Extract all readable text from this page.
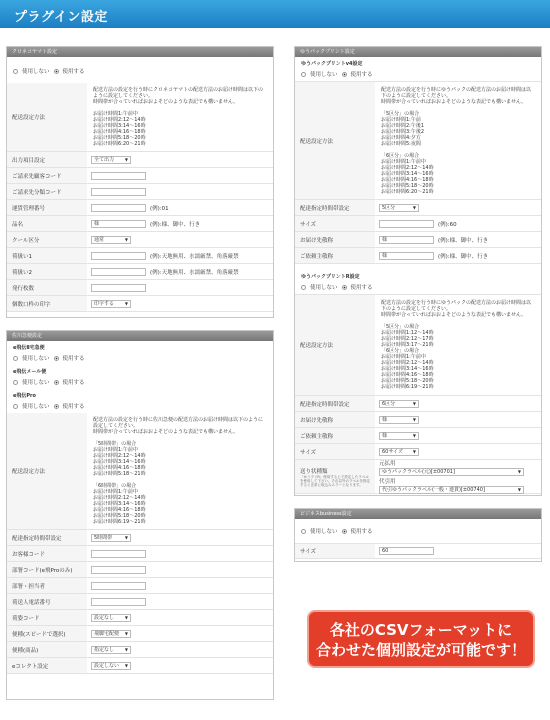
プラグイン設定
クロネコヤマト設定
使用しない 使用する
配送設定方法
配送方法の設定を行う時にクロネコヤマトの配送方法のお届け時間は以下のように設定してください。
時間帯が合っていればおおよそどのような表記でも構いません。

お届け時間1:午前中
お届け時間2:12〜14時
お届け時間3:14〜16時
お届け時間4:16〜18時
お届け時間5:18〜20時
お届け時間6:20〜21時
出力項目設定	全て出力 ▼
ご請求先顧客コード
ご請求先分類コード
運賃管理番号	(例):01
品名	様	(例):様、御中、行き
クール区分	通常 ▼
荷扱い1	(例):天地無用、水濡厳禁、角落厳禁
荷扱い2	(例):天地無用、水濡厳禁、角落厳禁
発行枚数
個数口枠の印字	印字する ▼
佐川急便設定
e飛伝Ⅱ宅急便
使用しない 使用する
e飛伝メール便
使用しない 使用する
e飛伝Pro
使用しない 使用する
配送設定方法
配送方法の設定を行う時に佐川急便の配送方法のお届け時間は以下のように設定してください。
時間帯が合っていればおおよそどのような表記でも構いません。

「5時間帯」の場合
お届け時間1:午前中
お届け時間2:12〜14時
お届け時間3:14〜16時
お届け時間4:16〜18時
お届け時間5:18〜21時

「6時間帯」の場合
お届け時間1:午前中
お届け時間2:12〜14時
お届け時間3:14〜16時
お届け時間4:16〜18時
お届け時間5:18〜20時
お届け時間6:19〜21時
配達指定時間帯設定	5時間帯 ▼
お客様コード
部署コード(e飛Proのみ)
部署・担当者
荷送人電話番号
荷姿コード	設定なし ▼
便種(スピードで選択)	飛脚宅配便 ▼
便種(商品)	指定なし ▼
eコレクト設定	設定しない ▼
ゆうパックプリント設定
ゆうパックプリントv4設定
使用しない 使用する
配送設定方法
配送方法の設定を行う時にゆうパックの配送方法のお届け時間は以下のように設定してください。
時間帯が合っていればおおよそどのような表記でも構いません。

「5区分」の場合
お届け時間1:午前
お届け時間2:午後1
お届け時間3:午後2
お届け時間4:夕方
お届け時間5:夜間

「6区分」の場合
お届け時間1:午前中
お届け時間2:12〜14時
お届け時間3:14〜16時
お届け時間4:16〜18時
お届け時間5:18〜20時
お届け時間6:20〜21時
配達指定時間帯設定	5区分 ▼
サイズ	(例):60
お届け先敬称	様	(例):様、御中、行き
ご依頼主敬称	様	(例):様、御中、行き
ゆうパックプリントR設定
使用しない 使用する
配送設定方法
配送方法の設定を行う時にゆうパックの配送方法のお届け時間は以下のように設定してください。
時間帯が合っていればおおよそどのような表記でも構いません。

「5区分」の場合
お届け時間1:12〜14時
お届け時間2:12〜17時
お届け時間3:17〜21時
「6区分」の場合
お届け時間1:午前中
お届け時間2:12〜14時
お届け時間3:14〜16時
お届け時間4:16〜18時
お届け時間5:18〜20時
お届け時間6:19〜21時
配達指定時間帯設定	6区分 ▼
お届け先敬称	様 ▼
ご依頼主敬称	様 ▼
サイズ	60サイズ ▼
送り状種類
「ゆうプリR」使用する上で設定したラベルを使用して下さい。それ以外のラベルを指定すると正常に取込みエラーとなります。
元払用
ゆうパックラベル(元)[±00701] ▼
代引用
代引ゆうパックラベル(一般・連貫)[±00740] ▼
ビジネスbusiness設定
使用しない 使用する
サイズ	60
各社のCSVフォーマットに
合わせた個別設定が可能です！
